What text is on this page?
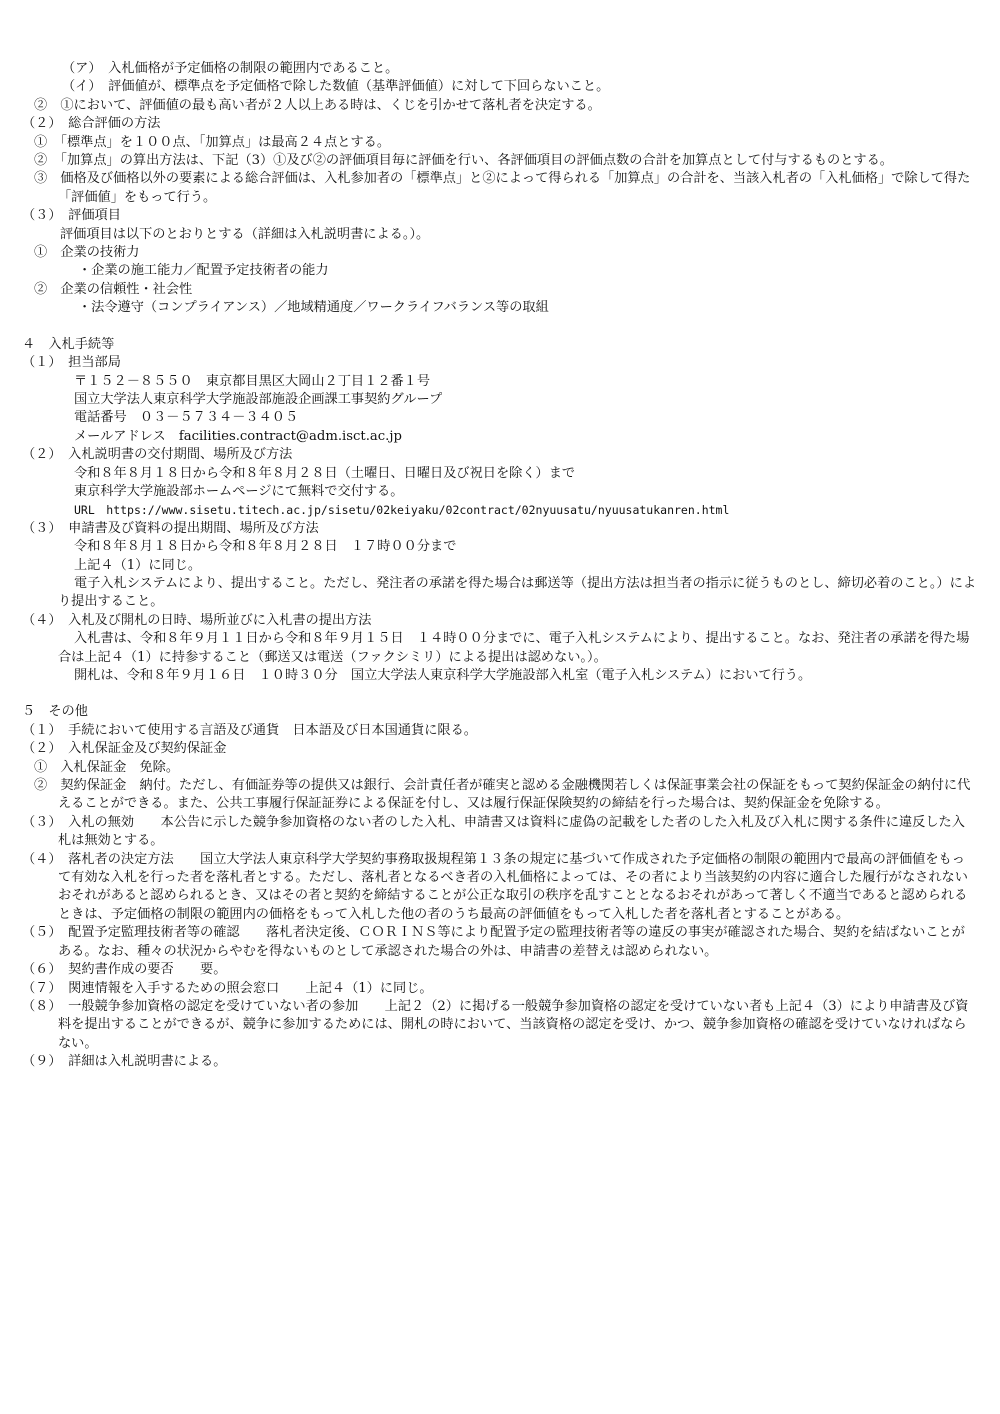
（ア）　入札価格が予定価格の制限の範囲内であること。

（イ）　評価値が、標準点を予定価格で除した数値（基準評価値）に対して下回らないこと。

②　①において、評価値の最も高い者が２人以上ある時は、くじを引かせて落札者を決定する。

（２）　総合評価の方法

①　「標準点」を１００点、「加算点」は最高２４点とする。

②　「加算点」の算出方法は、下記（3）①及び②の評価項目毎に評価を行い、各評価項目の評価点数の合計を加算点として付与するものとする。

③　価格及び価格以外の要素による総合評価は、入札参加者の「標準点」と②によって得られる「加算点」の合計を、当該入札者の「入札価格」で除して得た「評価値」をもって行う。

（３）　評価項目

評価項目は以下のとおりとする（詳細は入札説明書による。）。

①　企業の技術力

・企業の施工能力／配置予定技術者の能力

②　企業の信頼性・社会性

・法令遵守（コンプライアンス）／地域精通度／ワークライフバランス等の取組

４　入札手続等

（１）　担当部局

〒１５２－８５５０　東京都目黒区大岡山２丁目１２番１号

国立大学法人東京科学大学施設部施設企画課工事契約グループ

電話番号　０３－５７３４－３４０５

メールアドレス　facilities.contract@adm.isct.ac.jp

（２）　入札説明書の交付期間、場所及び方法

令和８年８月１８日から令和８年８月２８日（土曜日、日曜日及び祝日を除く）まで

東京科学大学施設部ホームページにて無料で交付する。

URL　https://www.sisetu.titech.ac.jp/sisetu/02keiyaku/02contract/02nyuusatu/nyuusatukanren.html

（３）　申請書及び資料の提出期間、場所及び方法

令和８年８月１８日から令和８年８月２８日　１７時００分まで

上記４（1）に同じ。

電子入札システムにより、提出すること。ただし、発注者の承諾を得た場合は郵送等（提出方法は担当者の指示に従うものとし、締切必着のこと。）により提出すること。

（４）　入札及び開札の日時、場所並びに入札書の提出方法

入札書は、令和８年９月１１日から令和８年９月１５日　１４時００分までに、電子入札システムにより、提出すること。なお、発注者の承諾を得た場合は上記４（1）に持参すること（郵送又は電送（ファクシミリ）による提出は認めない。）。

開札は、令和８年９月１６日　１０時３０分　国立大学法人東京科学大学施設部入札室（電子入札システム）において行う。

５　その他

（１）　手続において使用する言語及び通貨　日本語及び日本国通貨に限る。

（２）　入札保証金及び契約保証金

①　入札保証金　免除。

②　契約保証金　納付。ただし、有価証券等の提供又は銀行、会計責任者が確実と認める金融機関若しくは保証事業会社の保証をもって契約保証金の納付に代えることができる。また、公共工事履行保証証券による保証を付し、又は履行保証保険契約の締結を行った場合は、契約保証金を免除する。

（３）　入札の無効　　本公告に示した競争参加資格のない者のした入札、申請書又は資料に虚偽の記載をした者のした入札及び入札に関する条件に違反した入札は無効とする。

（４）　落札者の決定方法　　国立大学法人東京科学大学契約事務取扱規程第１３条の規定に基づいて作成された予定価格の制限の範囲内で最高の評価値をもって有効な入札を行った者を落札者とする。ただし、落札者となるべき者の入札価格によっては、その者により当該契約の内容に適合した履行がなされないおそれがあると認められるとき、又はその者と契約を締結することが公正な取引の秩序を乱すこととなるおそれがあって著しく不適当であると認められるときは、予定価格の制限の範囲内の価格をもって入札した他の者のうち最高の評価値をもって入札した者を落札者とすることがある。

（５）　配置予定監理技術者等の確認　　落札者決定後、ＣＯＲＩＮＳ等により配置予定の監理技術者等の違反の事実が確認された場合、契約を結ばないことがある。なお、種々の状況からやむを得ないものとして承認された場合の外は、申請書の差替えは認められない。

（６）　契約書作成の要否　　要。

（７）　関連情報を入手するための照会窓口　　上記４（1）に同じ。

（８）　一般競争参加資格の認定を受けていない者の参加　　上記２（2）に掲げる一般競争参加資格の認定を受けていない者も上記４（3）により申請書及び資料を提出することができるが、競争に参加するためには、開札の時において、当該資格の認定を受け、かつ、競争参加資格の確認を受けていなければならない。

（９）　詳細は入札説明書による。
